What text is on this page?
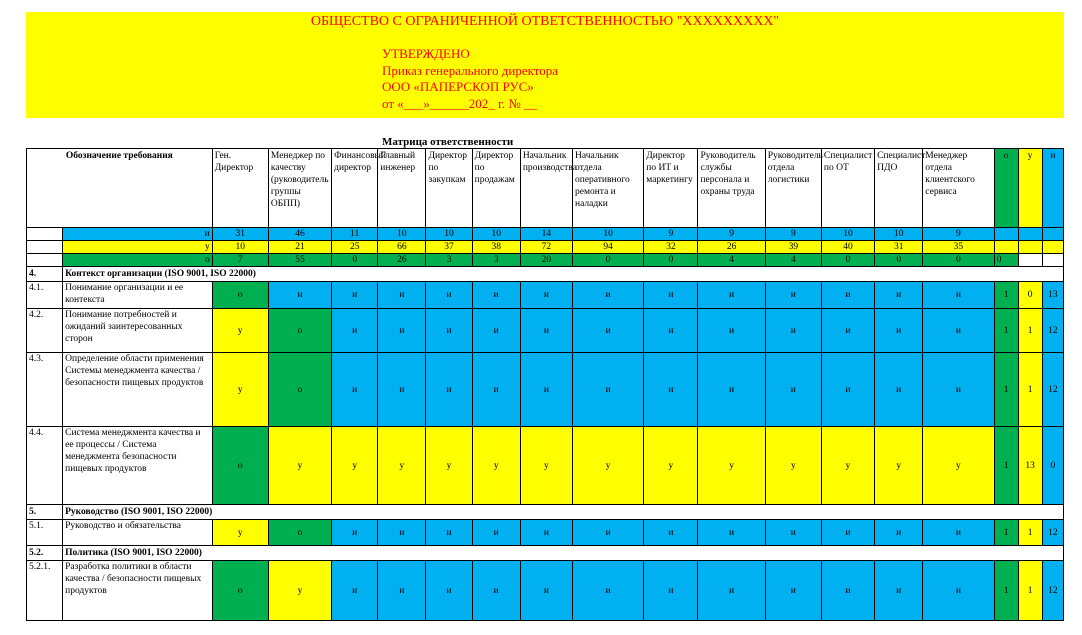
ОБЩЕСТВО С ОГРАНИЧЕННОЙ ОТВЕТСТВЕННОСТЬЮ "ХХХХХХХХХ"
УТВЕРЖДЕНО
Приказ генерального директора
ООО «ПАПЕРСКОП РУС»
от «___»______202_ г. № __
Матрица ответственности
Обозначение требования		Ген. Директор	Менеджер по качеству (руководитель группы ОБПП)	Финансовый директор	Главный инженер	Директор по закупкам	Директор по продажам	Начальник производства	Начальник отдела оперативного ремонта и наладки	Директор по ИТ и маркетингу	Руководитель службы персонала и охраны труда	Руководитель отдела логистики	Специалист по ОТ	Специалист ПДО	Менеджер отдела клиентского сервиса	о	у	и
	и	31	46	11	10	10	10	14	10	9	9	9	10	10	9			
	у	10	21	25	66	37	38	72	94	32	26	39	40	31	35			
	о	7	55	0	26	3	3	20	0	0	4	4	0	0	0	0		
4.	Контекст организации (ISO 9001, ISO 22000)																	
4.1.	Понимание организации и ее контекста	о	и	и	и	и	и	и	и	и	и	и	и	и	и	1	0	13
4.2.	Понимание потребностей и ожиданий заинтересованных сторон	у	о	и	и	и	и	и	и	и	и	и	и	и	и	1	1	12
4.3.	Определение области применения Системы менеджмента качества / безопасности пищевых продуктов	у	о	и	и	и	и	и	и	и	и	и	и	и	и	1	1	12
4.4.	Система менеджмента качества и ее процессы / Система менеджмента безопасности пищевых продуктов	о	у	у	у	у	у	у	у	у	у	у	у	у	у	1	13	0
5.	Руководство (ISO 9001, ISO 22000)																	
5.1.	Руководство и обязательства	у	о	и	и	и	и	и	и	и	и	и	и	и	и	1	1	12
5.2.	Политика (ISO 9001, ISO 22000)																	
5.2.1.	Разработка политики в области качества / безопасности пищевых продуктов	о	у	и	и	и	и	и	и	и	и	и	и	и	и	1	1	12
